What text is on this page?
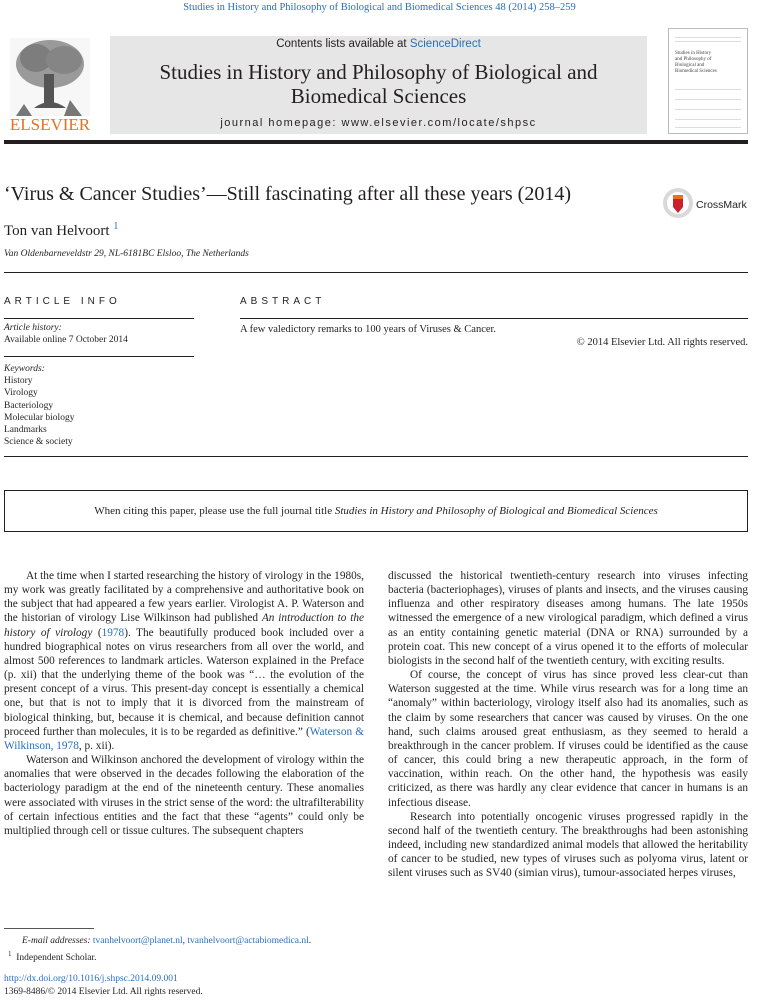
Studies in History and Philosophy of Biological and Biomedical Sciences 48 (2014) 258–259
ELSEVIER
Contents lists available at ScienceDirect
Studies in History and Philosophy of Biological and
Biomedical Sciences
journal homepage: www.elsevier.com/locate/shpsc
Studies in History
and Philosophy of
Biological and
Biomedical Sciences
‘Virus & Cancer Studies’—Still fascinating after all these years (2014)	CrossMark
Ton van Helvoort $^1$
Van Oldenbarneveldstr 29, NL-6181BC Elsloo, The Netherlands
ARTICLE INFO
Article history:
Available online 7 October 2014
Keywords:
History
Virology
Bacteriology
Molecular biology
Landmarks
Science & society
ABSTRACT
A few valedictory remarks to 100 years of Viruses & Cancer.
© 2014 Elsevier Ltd. All rights reserved.
When citing this paper, please use the full journal title Studies in History and Philosophy of Biological and Biomedical Sciences

At the time when I started researching the history of virology in the 1980s, my work was greatly facilitated by a comprehensive and authoritative book on the subject that had appeared a few years earlier. Virologist A. P. Waterson and the historian of virology Lise Wilkinson had published An introduction to the history of virology (1978). The beautifully produced book included over a hundred biographical notes on virus researchers from all over the world, and almost 500 references to landmark articles. Waterson explained in the Preface (p. xii) that the underlying theme of the book was “… the evolution of the present concept of a virus. This present-day concept is essentially a chemical one, but that is not to imply that it is divorced from the mainstream of biological thinking, but, because it is chemical, and because definition cannot proceed further than molecules, it is to be regarded as definitive.” (Waterson & Wilkinson, 1978, p. xii).

Waterson and Wilkinson anchored the development of virology within the anomalies that were observed in the decades following the elaboration of the bacteriology paradigm at the end of the nineteenth century. These anomalies were associated with viruses in the strict sense of the word: the ultrafilterability of certain infectious entities and the fact that these “agents” could only be multiplied through cell or tissue cultures. The subsequent chapters

discussed the historical twentieth-century research into viruses infecting bacteria (bacteriophages), viruses of plants and insects, and the viruses causing influenza and other respiratory diseases among humans. The late 1950s witnessed the emergence of a new virological paradigm, which defined a virus as an entity containing genetic material (DNA or RNA) surrounded by a protein coat. This new concept of a virus opened it to the efforts of molecular biologists in the second half of the twentieth century, with exciting results.

Of course, the concept of virus has since proved less clear-cut than Waterson suggested at the time. While virus research was for a long time an “anomaly” within bacteriology, virology itself also had its anomalies, such as the claim by some researchers that cancer was caused by viruses. On the one hand, such claims aroused great enthusiasm, as they seemed to herald a breakthrough in the cancer problem. If viruses could be identified as the cause of cancer, this could bring a new therapeutic approach, in the form of vaccination, within reach. On the other hand, the hypothesis was easily criticized, as there was hardly any clear evidence that cancer in humans is an infectious disease.

Research into potentially oncogenic viruses progressed rapidly in the second half of the twentieth century. The breakthroughs had been astonishing indeed, including new standardized animal models that allowed the heritability of cancer to be studied, new types of viruses such as polyoma virus, latent or silent viruses such as SV40 (simian virus), tumour-associated herpes viruses,

E-mail addresses: tvanhelvoort@planet.nl, tvanhelvoort@actabiomedica.nl.
$^1$ Independent Scholar.
http://dx.doi.org/10.1016/j.shpsc.2014.09.001
1369-8486/© 2014 Elsevier Ltd. All rights reserved.
